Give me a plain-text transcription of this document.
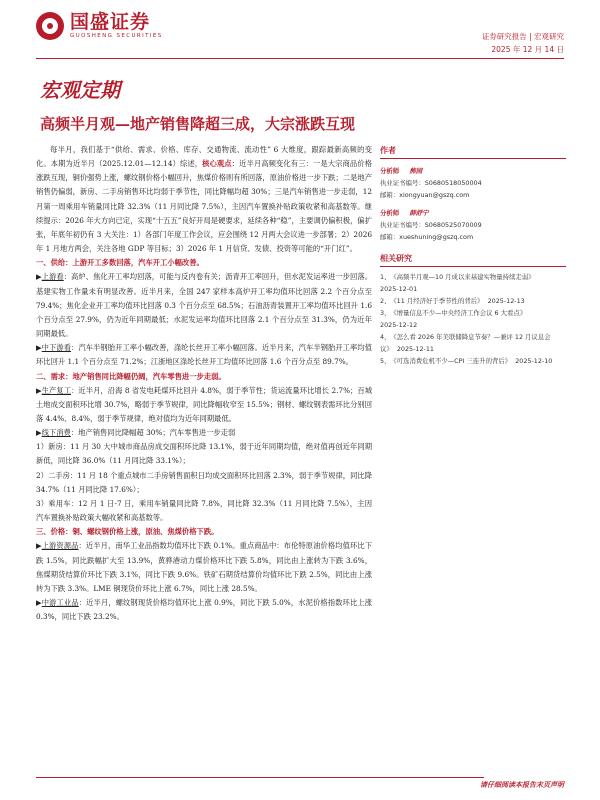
国盛证券
GUOSHENG SECURITIES	证券研究报告 | 宏观研究
2025 年 12 月 14 日
宏观定期
高频半月观—地产销售降超三成，大宗涨跌互现

每半月，我们基于“供给、需求、价格、库存、交通物流、流动性” 6 大维度，跟踪最新高频的变化。本期为近半月（2025.12.01—12.14）综述，核心观点：近半月高频变化有三：一是大宗商品价格涨跌互现，铜价强势上涨，螺纹钢价格小幅回升，焦煤价格则有所回落，原油价格进一步下跌；二是地产销售仍偏弱，新房、二手房销售环比均弱于季节性，同比降幅均超 30%；三是汽车销售进一步走弱，12 月第一周乘用车销量同比降 32.3%（11 月同比降 7.5%），主因汽车置换补贴政策收紧和高基数等。继续提示：2026 年大方向已定，实现“十五五”良好开局是硬要求，延续各种“稳”，主要调仍偏积极，偏扩张，年底年初仍有 3 大关注：1）各部门年度工作会议，应会围绕 12 月两大会议进一步部署；2）2026 年 1 月地方两会，关注各地 GDP 等目标；3）2026 年 1 月信贷、发债、投资等可能的“开门红”。

一、供给：上游开工多数回落，汽车开工小幅改善。

▶上游看：高炉、焦化开工率均回落，可能与反内卷有关；沥青开工率回升，但水泥发运率进一步回落。基建实物工作量未有明显改善。近半月来，全国 247 家样本高炉开工率均值环比回落 2.2 个百分点至 79.4%；焦化企业开工率均值环比回落 0.3 个百分点至 68.5%；石油沥青装置开工率均值环比回升 1.6 个百分点至 27.9%，仍为近年同期最低；水泥发运率均值环比回落 2.1 个百分点至 31.3%，仍为近年同期最低。

▶中下游看：汽车半钢胎开工率小幅改善，涤纶长丝开工率小幅回落。近半月来，汽车半钢胎开工率均值环比回升 1.1 个百分点至 71.2%；江浙地区涤纶长丝开工均值环比回落 1.6 个百分点至 89.7%。

二、需求：地产销售同比降幅仍阔，汽车零售进一步走弱。

▶生产复工：近半月，沿海 8 省发电耗煤环比回升 4.8%，弱于季节性；货运流量环比增长 2.7%；百城土地成交面积环比增 30.7%，略弱于季节规律，同比降幅收窄至 15.5%；钢材、螺纹钢表需环比分别回落 4.4%、8.4%，弱于季节规律，绝对值均为近年同期最低。

▶线下消费：地产销售同比降幅超 30%；汽车零售进一步走弱

1）新房：11 月 30 大中城市商品房成交面积环比降 13.1%，弱于近年同期均值，绝对值再创近年同期新低，同比降 36.0%（11 月同比降 33.1%）；

2）二手房：11 月 18 个重点城市二手房销售面积日均成交面积环比回落 2.3%，弱于季节规律，同比降 34.7%（11 月同比降 17.6%）；

3）乘用车：12 月 1 日-7 日，乘用车销量同比降 7.8%，同比降 32.3%（11 月同比降 7.5%），主因汽车置换补贴政策大幅收紧和高基数等。

三、价格：铜、螺纹钢价格上涨，原油、焦煤价格下跌。

▶上游资源品：近半月，南华工业品指数均值环比下跌 0.1%。重点商品中：布伦特原油价格均值环比下跌 1.5%，同比跌幅扩大至 13.9%，黄骅港动力煤价格环比下跌 5.8%，同比由上涨转为下跌 3.6%，焦煤期货结算价环比下跌 3.1%，同比下跌 9.6%。铁矿石期货结算价均值环比下跌 2.5%，同比由上涨转为下跌 3.3%。LME 铜现货价环比上涨 6.7%，同比上涨 28.5%。

▶中游工业品：近半月，螺纹钢现货价格均值环比上涨 0.9%，同比下跌 5.0%，水泥价格指数环比上涨 0.3%，同比下跌 23.2%。

作者
分析师 熊园
执业证书编号：S0680518050004
邮箱：xiongyuan@gszq.com
分析师 薛舒宁
执业证书编号：S0680525070009
邮箱：xueshuning@gszq.com
相关研究
1、 《高频半月观—10 月成以来基建实物量持续走弱》
2025-12-01
2、 《11 月经济好于季节性的背后》 2025-12-13
3、 《增量信息不少—中央经济工作会议 6 大看点》
2025-12-12
4、 《怎么看 2026 年美联储降息节奏？—兼评 12 月议息会议》 2025-12-11
5、 《可选消费危机不少—CPI 三连升的背后》 2025-12-10
请仔细阅读本报告末页声明
